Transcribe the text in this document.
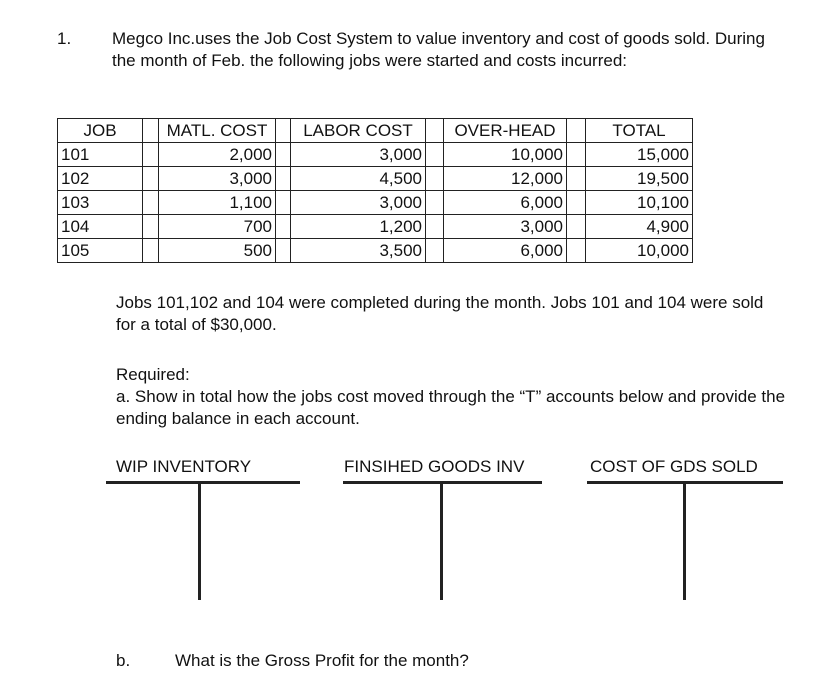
1. Megco Inc.uses the Job Cost System to value inventory and cost of goods sold. During the month of Feb. the following jobs were started and costs incurred:
JOB		MATL. COST		LABOR COST		OVER-HEAD		TOTAL
101		2,000		3,000		10,000		15,000
102		3,000		4,500		12,000		19,500
103		1,100		3,000		6,000		10,100
104		700		1,200		3,000		4,900
105		500		3,500		6,000		10,000
Jobs 101,102 and 104 were completed during the month. Jobs 101 and 104 were sold for a total of $30,000.
Required:
a. Show in total how the jobs cost moved through the “T” accounts below and provide the ending balance in each account.
WIP INVENTORY	FINSIHED GOODS INV	COST OF GDS SOLD
b.	What is the Gross Profit for the month?
